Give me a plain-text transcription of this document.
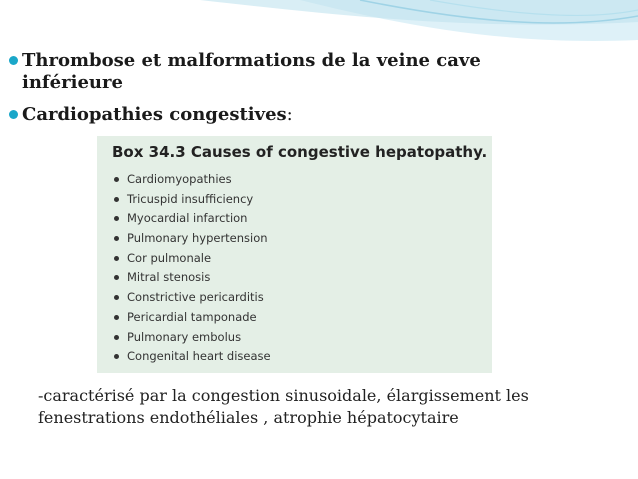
Thrombose et malformations de la veine cave inférieure
Cardiopathies congestives:
Box 34.3 Causes of congestive hepatopathy.
Cardiomyopathies
Tricuspid insufficiency
Myocardial infarction
Pulmonary hypertension
Cor pulmonale
Mitral stenosis
Constrictive pericarditis
Pericardial tamponade
Pulmonary embolus
Congenital heart disease
-caractérisé par la congestion sinusoidale, élargissement les fenestrations endothéliales , atrophie hépatocytaire
